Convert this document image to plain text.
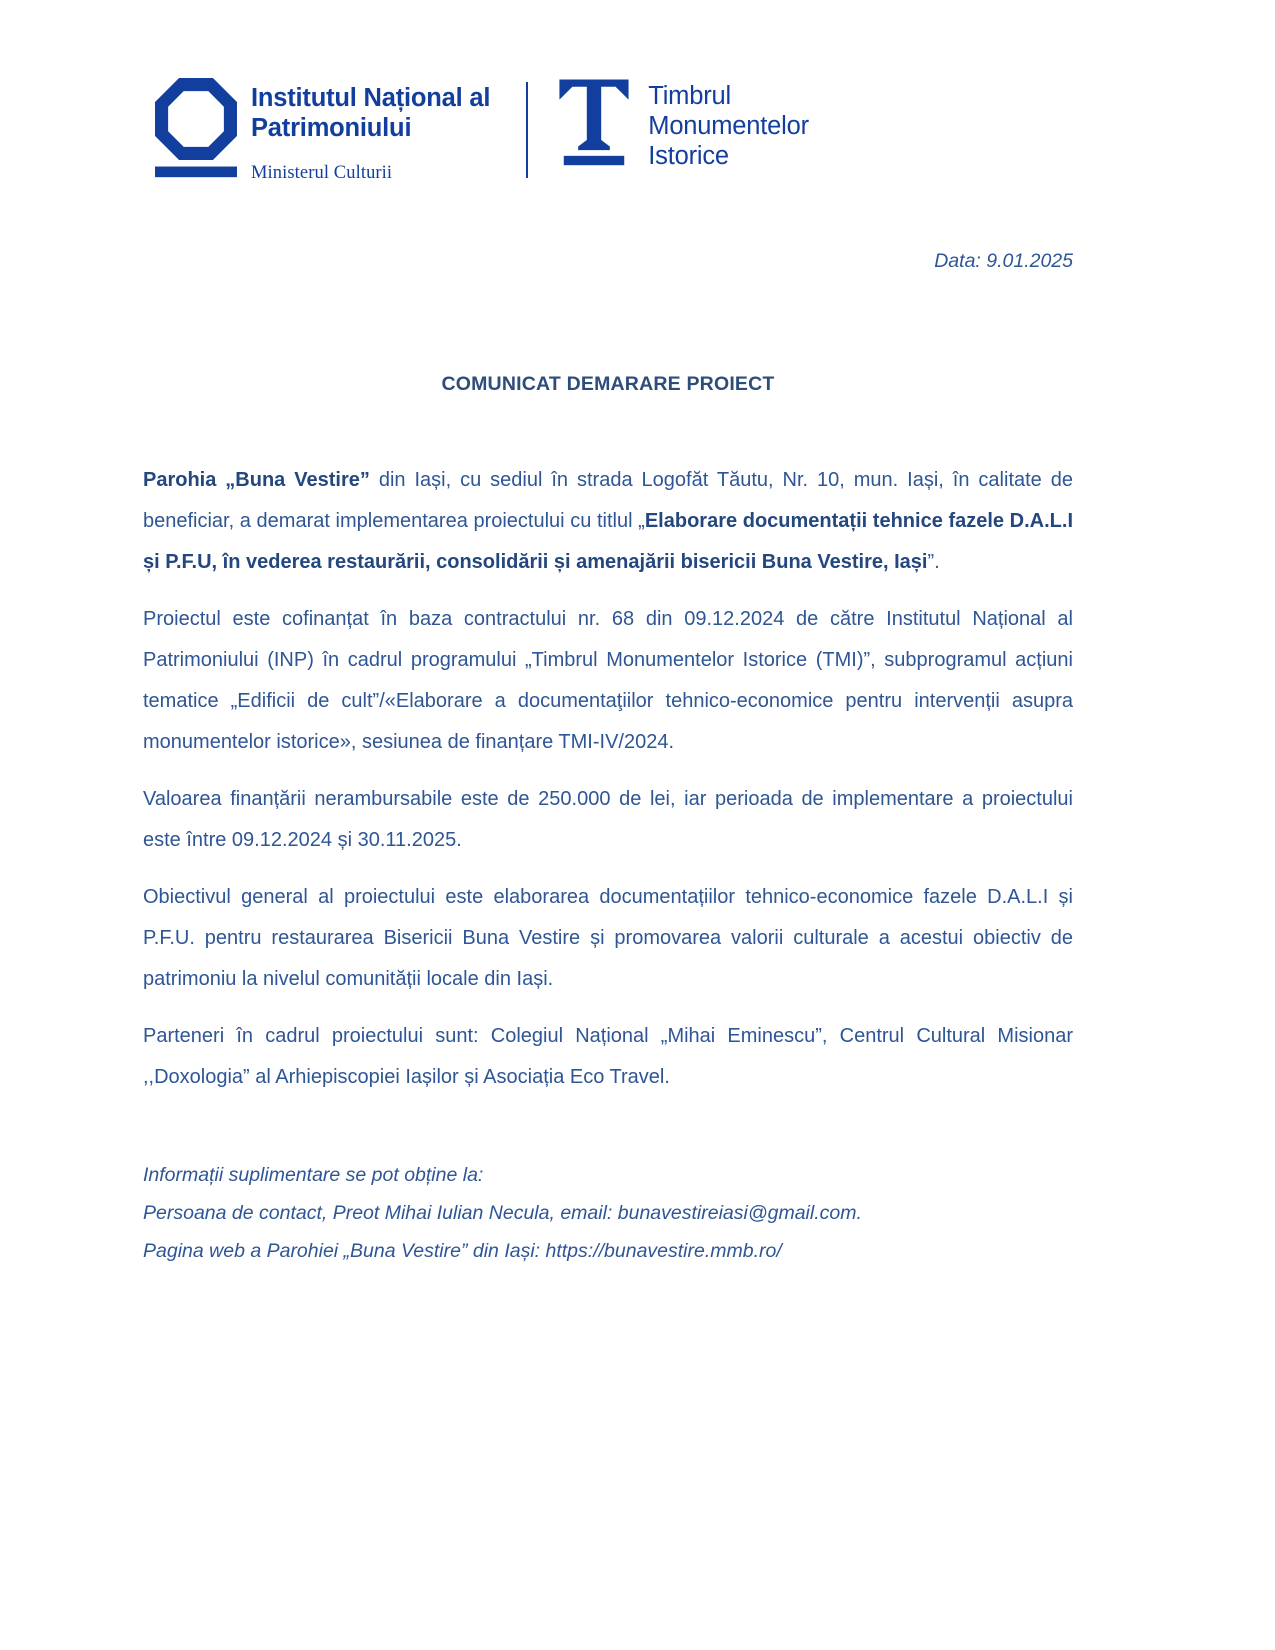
Institutul Național al
Patrimoniului
Ministerul Culturii
Timbrul
Monumentelor
Istorice
Data: 9.01.2025
COMUNICAT DEMARARE PROIECT

Parohia „Buna Vestire” din Iași, cu sediul în strada Logofăt Tăutu, Nr. 10, mun. Iași, în calitate de beneficiar, a demarat implementarea proiectului cu titlul „Elaborare documentații tehnice fazele D.A.L.I și P.F.U, în vederea restaurării, consolidării și amenajării bisericii Buna Vestire, Iași”.

Proiectul este cofinanțat în baza contractului nr. 68 din 09.12.2024 de către Institutul Național al Patrimoniului (INP) în cadrul programului „Timbrul Monumentelor Istorice (TMI)”, subprogramul acțiuni tematice „Edificii de cult”/«Elaborare a documentaţiilor tehnico-economice pentru intervenții asupra monumentelor istorice», sesiunea de finanțare TMI-IV/2024.

Valoarea finanțării nerambursabile este de 250.000 de lei, iar perioada de implementare a proiectului este între 09.12.2024 și 30.11.2025.

Obiectivul general al proiectului este elaborarea documentațiilor tehnico-economice fazele D.A.L.I și P.F.U. pentru restaurarea Bisericii Buna Vestire și promovarea valorii culturale a acestui obiectiv de patrimoniu la nivelul comunității locale din Iași.

Parteneri în cadrul proiectului sunt: Colegiul Național „Mihai Eminescu”, Centrul Cultural Misionar ,,Doxologia” al Arhiepiscopiei Iașilor și Asociația Eco Travel.

Informații suplimentare se pot obține la:
Persoana de contact, Preot Mihai Iulian Necula, email: bunavestireiasi@gmail.com.
Pagina web a Parohiei „Buna Vestire” din Iași: https://bunavestire.mmb.ro/
